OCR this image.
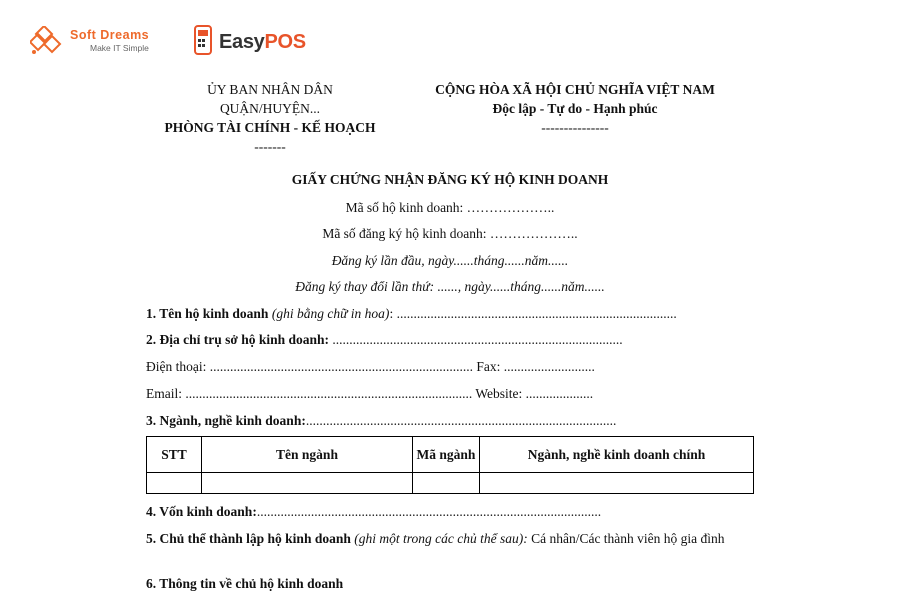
Soft Dreams
Make IT Simple	EasyPOS
ỦY BAN NHÂN DÂN
QUẬN/HUYỆN...
PHÒNG TÀI CHÍNH - KẾ HOẠCH
-------
CỘNG HÒA XÃ HỘI CHỦ NGHĨA VIỆT NAM
Độc lập - Tự do - Hạnh phúc
---------------
GIẤY CHỨNG NHẬN ĐĂNG KÝ HỘ KINH DOANH
Mã số hộ kinh doanh: ………………..
Mã số đăng ký hộ kinh doanh: ………………..
Đăng ký lần đầu, ngày......tháng......năm......
Đăng ký thay đổi lần thứ: ......, ngày......tháng......năm......
1. Tên hộ kinh doanh (ghi bằng chữ in hoa): ...................................................................................
2. Địa chỉ trụ sở hộ kinh doanh: ......................................................................................
Điện thoại: .............................................................................. Fax: ...........................
Email: ..................................................................................... Website: ....................
3. Ngành, nghề kinh doanh:............................................................................................
STT	Tên ngành	Mã ngành	Ngành, nghề kinh doanh chính

4. Vốn kinh doanh:......................................................................................................
5. Chủ thể thành lập hộ kinh doanh (ghi một trong các chủ thể sau): Cá nhân/Các thành viên hộ gia đình
6. Thông tin về chủ hộ kinh doanh
